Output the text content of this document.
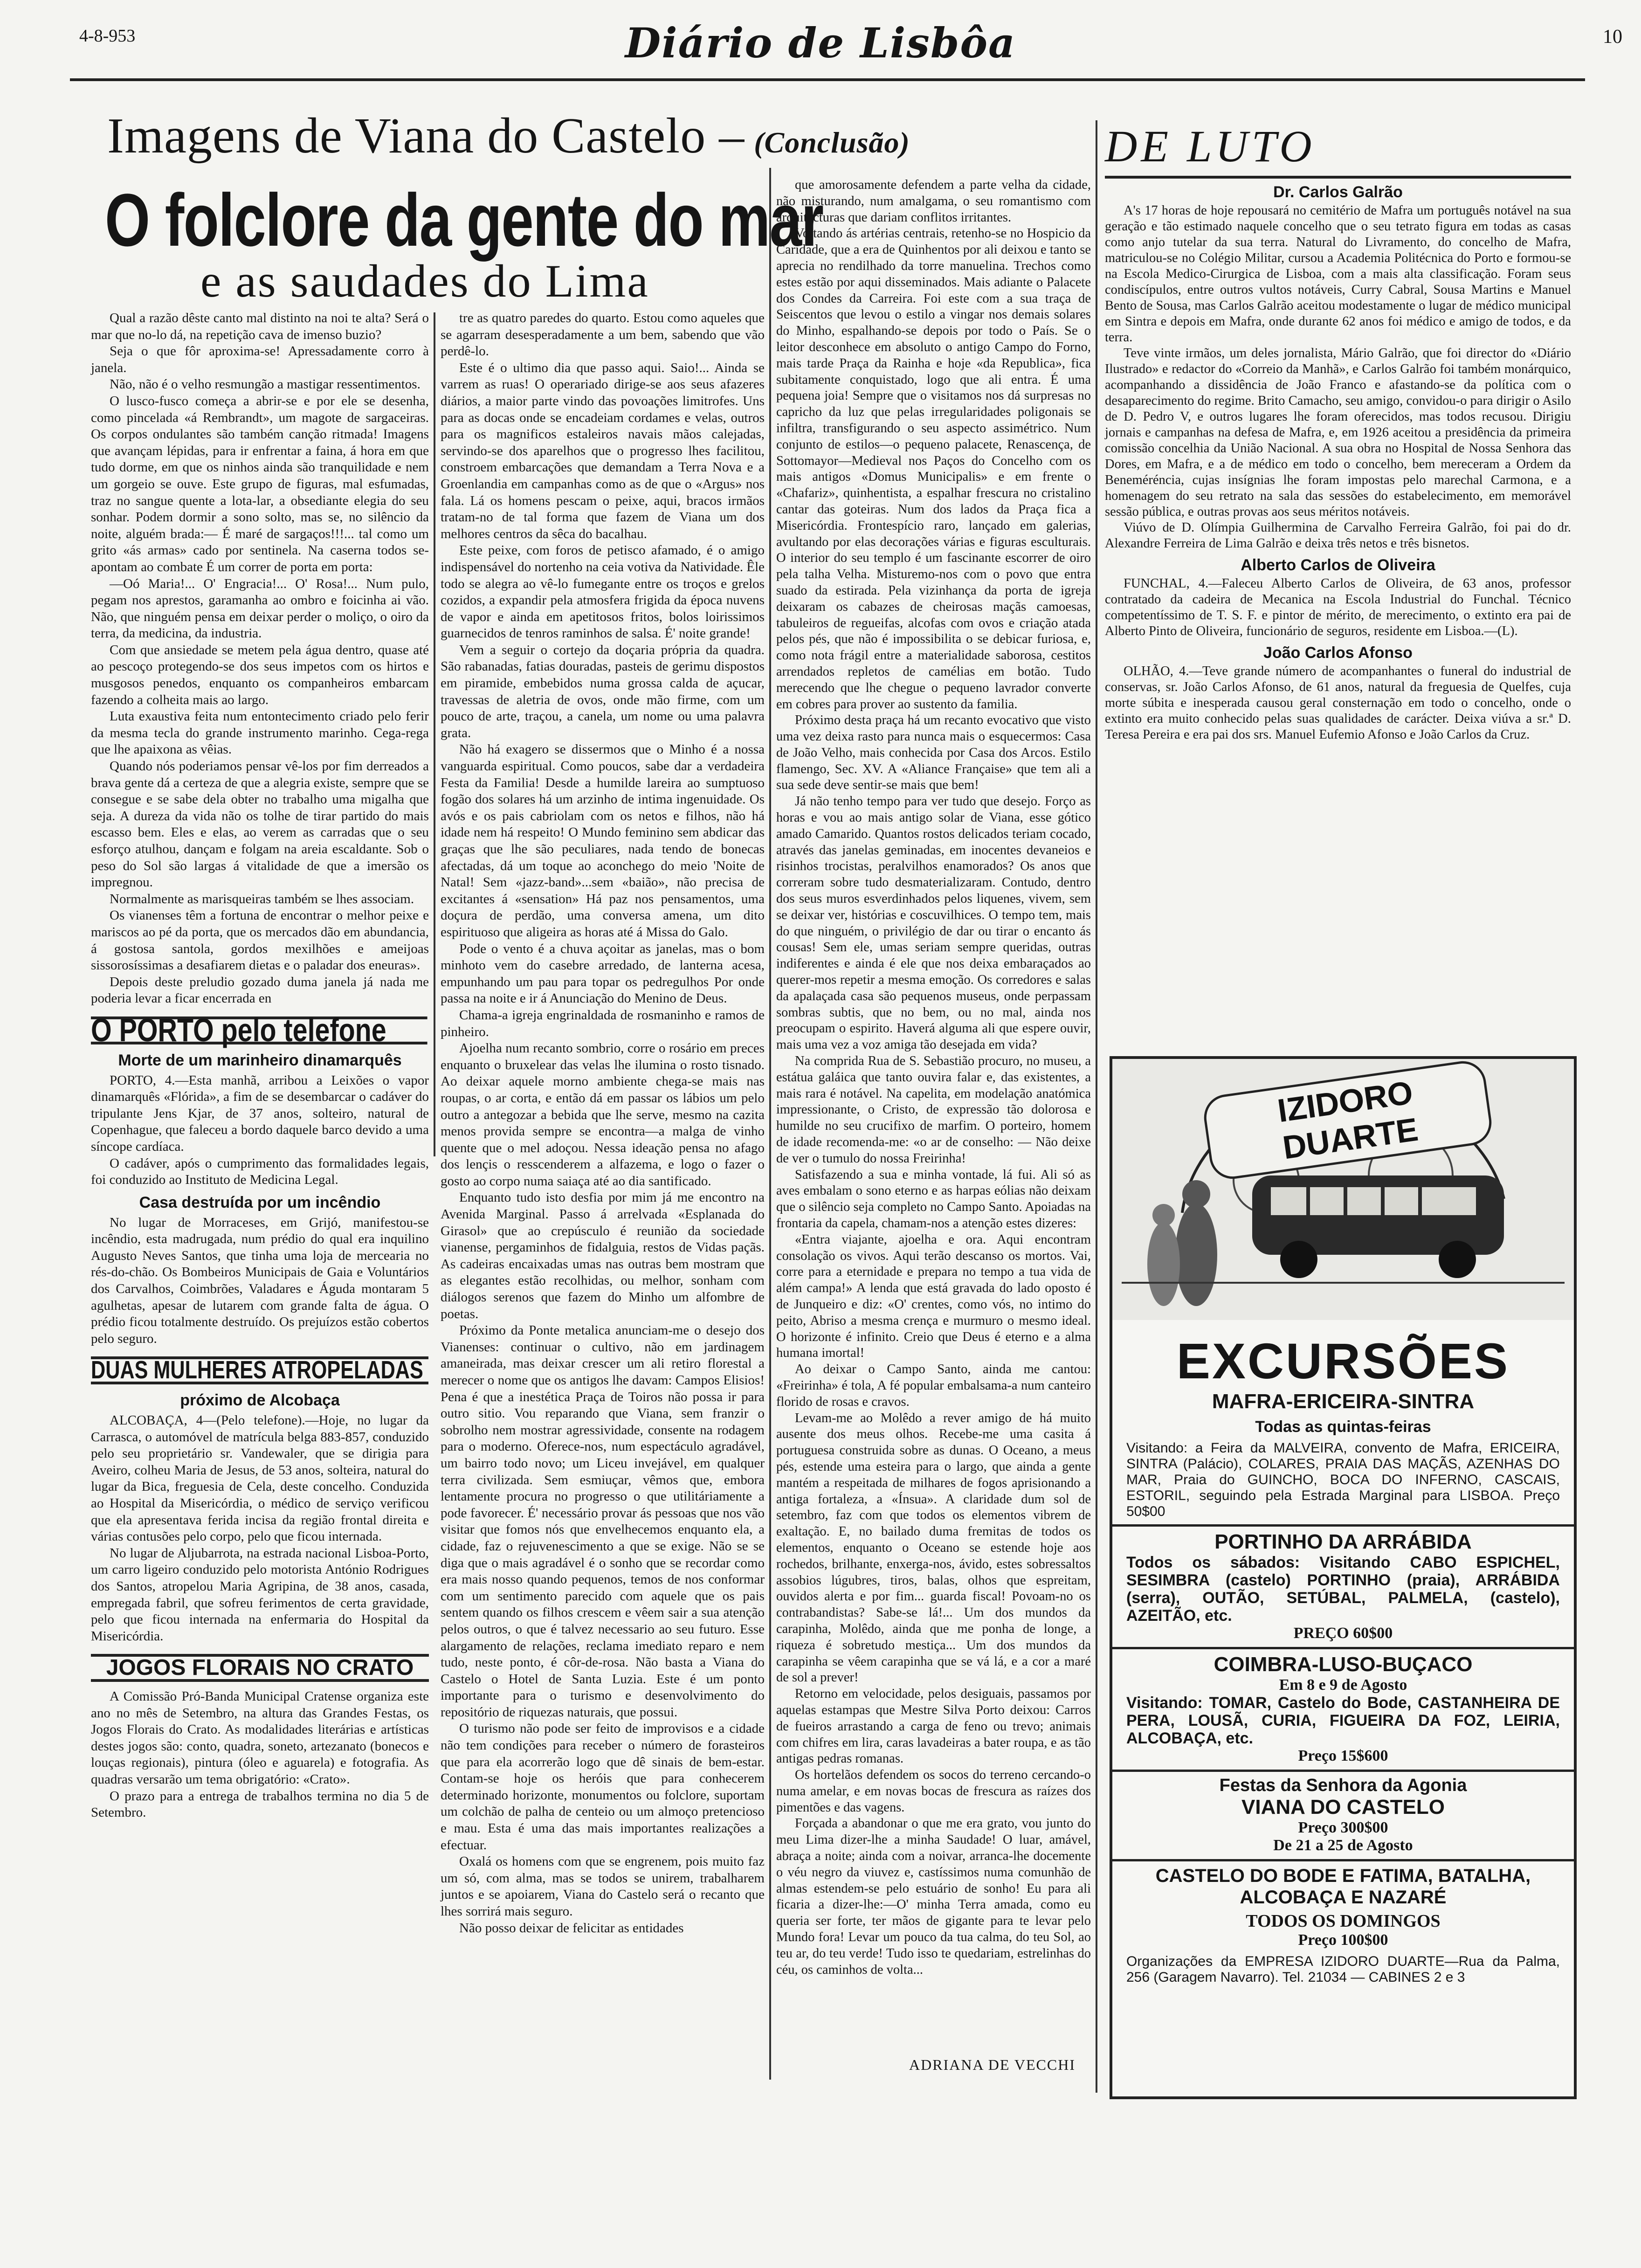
4-8-953	Diário de Lisbôa	10
Imagens de Viana do Castelo – (Conclusão)
O folclore da gente do mar
e as saudades do Lima

Qual a razão dêste canto mal distinto na noi te alta? Será o mar que no-lo dá, na repetição cava de imenso buzio?

Seja o que fôr aproxima-se! Apressadamente corro à janela.

Não, não é o velho resmungão a mastigar ressentimentos.

O lusco-fusco começa a abrir-se e por ele se desenha, como pincelada «á Rembrandt», um magote de sargaceiras. Os corpos ondulantes são também canção ritmada! Imagens que avançam lépidas, para ir enfrentar a faina, á hora em que tudo dorme, em que os ninhos ainda são tranquilidade e nem um gorgeio se ouve. Este grupo de figuras, mal esfumadas, traz no sangue quente a lota-lar, a obsediante elegia do seu sonhar. Podem dormir a sono solto, mas se, no silêncio da noite, alguém brada:— É maré de sargaços!!!... tal como um grito «ás armas» cado por sentinela. Na caserna todos se-apontam ao combate É um correr de porta em porta:

—Oó Maria!... O' Engracia!... O' Rosa!... Num pulo, pegam nos aprestos, garamanha ao ombro e foicinha ai vão. Não, que ninguém pensa em deixar perder o moliço, o oiro da terra, da medicina, da industria.

Com que ansiedade se metem pela água dentro, quase até ao pescoço protegendo-se dos seus impetos com os hirtos e musgosos penedos, enquanto os companheiros embarcam fazendo a colheita mais ao largo.

Luta exaustiva feita num entontecimento criado pelo ferir da mesma tecla do grande instrumento marinho. Cega-rega que lhe apaixona as vêias.

Quando nós poderiamos pensar vê-los por fim derreados a brava gente dá a certeza de que a alegria existe, sempre que se consegue e se sabe dela obter no trabalho uma migalha que seja. A dureza da vida não os tolhe de tirar partido do mais escasso bem. Eles e elas, ao verem as carradas que o seu esforço atulhou, dançam e folgam na areia escaldante. Sob o peso do Sol são largas á vitalidade de que a imersão os impregnou.

Normalmente as marisqueiras também se lhes associam.

Os vianenses têm a fortuna de encontrar o melhor peixe e mariscos ao pé da porta, que os mercados dão em abundancia, á gostosa santola, gordos mexilhões e ameijoas sissorosíssimas a desafiarem dietas e o paladar dos eneuras».

Depois deste preludio gozado duma janela já nada me poderia levar a ficar encerrada en

O PORTO pelo telefone
Morte de um marinheiro dinamarquês

PORTO, 4.—Esta manhã, arribou a Leixões o vapor dinamarquês «Flórida», a fim de se desembarcar o cadáver do tripulante Jens Kjar, de 37 anos, solteiro, natural de Copenhague, que faleceu a bordo daquele barco devido a uma síncope cardíaca.

O cadáver, após o cumprimento das formalidades legais, foi conduzido ao Instituto de Medicina Legal.

Casa destruída por um incêndio

No lugar de Morraceses, em Grijó, manifestou-se incêndio, esta madrugada, num prédio do qual era inquilino Augusto Neves Santos, que tinha uma loja de mercearia no rés-do-chão. Os Bombeiros Municipais de Gaia e Voluntários dos Carvalhos, Coimbrões, Valadares e Águda montaram 5 agulhetas, apesar de lutarem com grande falta de água. O prédio ficou totalmente destruído. Os prejuízos estão cobertos pelo seguro.

DUAS MULHERES ATROPELADAS
próximo de Alcobaça

ALCOBAÇA, 4—(Pelo telefone).—Hoje, no lugar da Carrasca, o automóvel de matrícula belga 883-857, conduzido pelo seu proprietário sr. Vandewaler, que se dirigia para Aveiro, colheu Maria de Jesus, de 53 anos, solteira, natural do lugar da Bica, freguesia de Cela, deste concelho. Conduzida ao Hospital da Misericórdia, o médico de serviço verificou que ela apresentava ferida incisa da região frontal direita e várias contusões pelo corpo, pelo que ficou internada.

No lugar de Aljubarrota, na estrada nacional Lisboa-Porto, um carro ligeiro conduzido pelo motorista António Rodrigues dos Santos, atropelou Maria Agripina, de 38 anos, casada, empregada fabril, que sofreu ferimentos de certa gravidade, pelo que ficou internada na enfermaria do Hospital da Misericórdia.

JOGOS FLORAIS NO CRATO

A Comissão Pró-Banda Municipal Cratense organiza este ano no mês de Setembro, na altura das Grandes Festas, os Jogos Florais do Crato. As modalidades literárias e artísticas destes jogos são: conto, quadra, soneto, artezanato (bonecos e louças regionais), pintura (óleo e aguarela) e fotografia. As quadras versarão um tema obrigatório: «Crato».

O prazo para a entrega de trabalhos termina no dia 5 de Setembro.

tre as quatro paredes do quarto. Estou como aqueles que se agarram desesperadamente a um bem, sabendo que vão perdê-lo.

Este é o ultimo dia que passo aqui. Saio!... Ainda se varrem as ruas! O operariado dirige-se aos seus afazeres diários, a maior parte vindo das povoações limitrofes. Uns para as docas onde se encadeiam cordames e velas, outros para os magnificos estaleiros navais mãos calejadas, servindo-se dos aparelhos que o progresso lhes facilitou, constroem embarcações que demandam a Terra Nova e a Groenlandia em campanhas como as de que o «Argus» nos fala. Lá os homens pescam o peixe, aqui, bracos irmãos tratam-no de tal forma que fazem de Viana um dos melhores centros da sêca do bacalhau.

Este peixe, com foros de petisco afamado, é o amigo indispensável do nortenho na ceia votiva da Natividade. Êle todo se alegra ao vê-lo fumegante entre os troços e grelos cozidos, a expandir pela atmosfera frigida da época nuvens de vapor e ainda em apetitosos fritos, bolos loirissimos guarnecidos de tenros raminhos de salsa. É' noite grande!

Vem a seguir o cortejo da doçaria própria da quadra. São rabanadas, fatias douradas, pasteis de gerimu dispostos em piramide, embebidos numa grossa calda de açucar, travessas de aletria de ovos, onde mão firme, com um pouco de arte, traçou, a canela, um nome ou uma palavra grata.

Não há exagero se dissermos que o Minho é a nossa vanguarda espiritual. Como poucos, sabe dar a verdadeira Festa da Familia! Desde a humilde lareira ao sumptuoso fogão dos solares há um arzinho de intima ingenuidade. Os avós e os pais cabriolam com os netos e filhos, não há idade nem há respeito! O Mundo feminino sem abdicar das graças que lhe são peculiares, nada tendo de bonecas afectadas, dá um toque ao aconchego do meio 'Noite de Natal! Sem «jazz-band»...sem «baião», não precisa de excitantes á «sensation» Há paz nos pensamentos, uma doçura de perdão, uma conversa amena, um dito espirituoso que aligeira as horas até á Missa do Galo.

Pode o vento é a chuva açoitar as janelas, mas o bom minhoto vem do casebre arredado, de lanterna acesa, empunhando um pau para topar os pedregulhos Por onde passa na noite e ir á Anunciação do Menino de Deus.

Chama-a igreja engrinaldada de rosmaninho e ramos de pinheiro.

Ajoelha num recanto sombrio, corre o rosário em preces enquanto o bruxelear das velas lhe ilumina o rosto tisnado. Ao deixar aquele morno ambiente chega-se mais nas roupas, o ar corta, e então dá em passar os lábios um pelo outro a antegozar a bebida que lhe serve, mesmo na cazita menos provida sempre se encontra—a malga de vinho quente que o mel adoçou. Nessa ideação pensa no afago dos lençis o resscenderem a alfazema, e logo o fazer o gosto ao corpo numa saiaça até ao dia santificado.

Enquanto tudo isto desfia por mim já me encontro na Avenida Marginal. Passo á arrelvada «Esplanada do Girasol» que ao crepúsculo é reunião da sociedade vianense, pergaminhos de fidalguia, restos de Vidas paçãs. As cadeiras encaixadas umas nas outras bem mostram que as elegantes estão recolhidas, ou melhor, sonham com diálogos serenos que fazem do Minho um alfombre de poetas.

Próximo da Ponte metalica anunciam-me o desejo dos Vianenses: continuar o cultivo, não em jardinagem amaneirada, mas deixar crescer um ali retiro florestal a merecer o nome que os antigos lhe davam: Campos Elisios! Pena é que a inestética Praça de Toiros não possa ir para outro sitio. Vou reparando que Viana, sem franzir o sobrolho nem mostrar agressividade, consente na rodagem para o moderno. Oferece-nos, num espectáculo agradável, um bairro todo novo; um Liceu invejável, em qualquer terra civilizada. Sem esmiuçar, vêmos que, embora lentamente procura no progresso o que utilitáriamente a pode favorecer. É' necessário provar ás pessoas que nos vão visitar que fomos nós que envelhecemos enquanto ela, a cidade, faz o rejuvenescimento a que se exige. Não se se diga que o mais agradável é o sonho que se recordar como era mais nosso quando pequenos, temos de nos conformar com um sentimento parecido com aquele que os pais sentem quando os filhos crescem e vêem sair a sua atenção pelos outros, o que é talvez necessario ao seu futuro. Esse alargamento de relações, reclama imediato reparo e nem tudo, neste ponto, é côr-de-rosa. Não basta a Viana do Castelo o Hotel de Santa Luzia. Este é um ponto importante para o turismo e desenvolvimento do repositório de riquezas naturais, que possui.

O turismo não pode ser feito de improvisos e a cidade não tem condições para receber o número de forasteiros que para ela acorrerão logo que dê sinais de bem-estar. Contam-se hoje os heróis que para conhecerem determinado horizonte, monumentos ou folclore, suportam um colchão de palha de centeio ou um almoço pretencioso e mau. Esta é uma das mais importantes realizações a efectuar.

Oxalá os homens com que se engrenem, pois muito faz um só, com alma, mas se todos se unirem, trabalharem juntos e se apoiarem, Viana do Castelo será o recanto que lhes sorrirá mais seguro.

Não posso deixar de felicitar as entidades

que amorosamente defendem a parte velha da cidade, não misturando, num amalgama, o seu romantismo com arquitecturas que dariam conflitos irritantes.

Voltando ás artérias centrais, retenho-se no Hospicio da Caridade, que a era de Quinhentos por ali deixou e tanto se aprecia no rendilhado da torre manuelina. Trechos como estes estão por aqui disseminados. Mais adiante o Palacete dos Condes da Carreira. Foi este com a sua traça de Seiscentos que levou o estilo a vingar nos demais solares do Minho, espalhando-se depois por todo o País. Se o leitor desconhece em absoluto o antigo Campo do Forno, mais tarde Praça da Rainha e hoje «da Republica», fica subitamente conquistado, logo que ali entra. É uma pequena joia! Sempre que o visitamos nos dá surpresas no capricho da luz que pelas irregularidades poligonais se infiltra, transfigurando o seu aspecto assimétrico. Num conjunto de estilos—o pequeno palacete, Renascença, de Sottomayor—Medieval nos Paços do Concelho com os mais antigos «Domus Municipalis» e em frente o «Chafariz», quinhentista, a espalhar frescura no cristalino cantar das goteiras. Num dos lados da Praça fica a Misericórdia. Frontespício raro, lançado em galerias, avultando por elas decorações várias e figuras esculturais. O interior do seu templo é um fascinante escorrer de oiro pela talha Velha. Misturemo-nos com o povo que entra suado da estirada. Pela vizinhança da porta de igreja deixaram os cabazes de cheirosas maçãs camoesas, tabuleiros de regueifas, alcofas com ovos e criação atada pelos pés, que não é impossibilita o se debicar furiosa, e, como nota frágil entre a materialidade saborosa, cestitos arrendados repletos de camélias em botão. Tudo merecendo que lhe chegue o pequeno lavrador converte em cobres para prover ao sustento da familia.

Próximo desta praça há um recanto evocativo que visto uma vez deixa rasto para nunca mais o esquecermos: Casa de João Velho, mais conhecida por Casa dos Arcos. Estilo flamengo, Sec. XV. A «Aliance Française» que tem ali a sua sede deve sentir-se mais que bem!

Já não tenho tempo para ver tudo que desejo. Forço as horas e vou ao mais antigo solar de Viana, esse gótico amado Camarido. Quantos rostos delicados teriam cocado, através das janelas geminadas, em inocentes devaneios e risinhos trocistas, peralvilhos enamorados? Os anos que correram sobre tudo desmaterializaram. Contudo, dentro dos seus muros esverdinhados pelos liquenes, vivem, sem se deixar ver, histórias e coscuvilhices. O tempo tem, mais do que ninguém, o privilégio de dar ou tirar o encanto ás cousas! Sem ele, umas seriam sempre queridas, outras indiferentes e ainda é ele que nos deixa embaraçados ao querer-mos repetir a mesma emoção. Os corredores e salas da apalaçada casa são pequenos museus, onde perpassam sombras subtis, que no bem, ou no mal, ainda nos preocupam o espirito. Haverá alguma ali que espere ouvir, mais uma vez a voz amiga tão desejada em vida?

Na comprida Rua de S. Sebastião procuro, no museu, a estátua galáica que tanto ouvira falar e, das existentes, a mais rara é notável. Na capelita, em modelação anatómica impressionante, o Cristo, de expressão tão dolorosa e humilde no seu crucifixo de marfim. O porteiro, homem de idade recomenda-me: «o ar de conselho: — Não deixe de ver o tumulo do nossa Freirinha!

Satisfazendo a sua e minha vontade, lá fui. Ali só as aves embalam o sono eterno e as harpas eólias não deixam que o silêncio seja completo no Campo Santo. Apoiadas na frontaria da capela, chamam-nos a atenção estes dizeres:

«Entra viajante, ajoelha e ora. Aqui encontram consolação os vivos. Aqui terão descanso os mortos. Vai, corre para a eternidade e prepara no tempo a tua vida de além campa!» A lenda que está gravada do lado oposto é de Junqueiro e diz: «O' crentes, como vós, no intimo do peito, Abriso a mesma crença e murmuro o mesmo ideal. O horizonte é infinito. Creio que Deus é eterno e a alma humana imortal!

Ao deixar o Campo Santo, ainda me cantou: «Freirinha» é tola, A fé popular embalsama-a num canteiro florido de rosas e cravos.

Levam-me ao Molêdo a rever amigo de há muito ausente dos meus olhos. Recebe-me uma casita á portuguesa construida sobre as dunas. O Oceano, a meus pés, estende uma esteira para o largo, que ainda a gente mantém a respeitada de milhares de fogos aprisionando a antiga fortaleza, a «Ínsua». A claridade dum sol de setembro, faz com que todos os elementos vibrem de exaltação. E, no bailado duma fremitas de todos os elementos, enquanto o Oceano se estende hoje aos rochedos, brilhante, enxerga-nos, ávido, estes sobressaltos assobios lúgubres, tiros, balas, olhos que espreitam, ouvidos alerta e por fim... guarda fiscal! Povoam-no os contrabandistas? Sabe-se lá!... Um dos mundos da carapinha, Molêdo, ainda que me ponha de longe, a riqueza é sobretudo mestiça... Um dos mundos da carapinha se vêem carapinha que se vá lá, e a cor a maré de sol a prever!

Retorno em velocidade, pelos desiguais, passamos por aquelas estampas que Mestre Silva Porto deixou: Carros de fueiros arrastando a carga de feno ou trevo; animais com chifres em lira, caras lavadeiras a bater roupa, e as tão antigas pedras romanas.

Os hortelãos defendem os socos do terreno cercando-o numa amelar, e em novas bocas de frescura as raízes dos pimentões e das vagens.

Forçada a abandonar o que me era grato, vou junto do meu Lima dizer-lhe a minha Saudade! O luar, amável, abraça a noite; ainda com a noivar, arranca-lhe docemente o véu negro da viuvez e, castíssimos numa comunhão de almas estendem-se pelo estuário de sonho! Eu para ali ficaria a dizer-lhe:—O' minha Terra amada, como eu queria ser forte, ter mãos de gigante para te levar pelo Mundo fora! Levar um pouco da tua calma, do teu Sol, ao teu ar, do teu verde! Tudo isso te quedariam, estrelinhas do céu, os caminhos de volta...

ADRIANA DE VECCHI
DE LUTO
Dr. Carlos Galrão

A's 17 horas de hoje repousará no cemitério de Mafra um português notável na sua geração e tão estimado naquele concelho que o seu tetrato figura em todas as casas como anjo tutelar da sua terra. Natural do Livramento, do concelho de Mafra, matriculou-se no Colégio Militar, cursou a Academia Politécnica do Porto e formou-se na Escola Medico-Cirurgica de Lisboa, com a mais alta classificação. Foram seus condiscípulos, entre outros vultos notáveis, Curry Cabral, Sousa Martins e Manuel Bento de Sousa, mas Carlos Galrão aceitou modestamente o lugar de médico municipal em Sintra e depois em Mafra, onde durante 62 anos foi médico e amigo de todos, e da terra.

Teve vinte irmãos, um deles jornalista, Mário Galrão, que foi director do «Diário Ilustrado» e redactor do «Correio da Manhã», e Carlos Galrão foi também monárquico, acompanhando a dissidência de João Franco e afastando-se da política com o desaparecimento do regime. Brito Camacho, seu amigo, convidou-o para dirigir o Asilo de D. Pedro V, e outros lugares lhe foram oferecidos, mas todos recusou. Dirigiu jornais e campanhas na defesa de Mafra, e, em 1926 aceitou a presidência da primeira comissão concelhia da União Nacional. A sua obra no Hospital de Nossa Senhora das Dores, em Mafra, e a de médico em todo o concelho, bem mereceram a Ordem da Beneméréncia, cujas insígnias lhe foram impostas pelo marechal Carmona, e a homenagem do seu retrato na sala das sessões do estabelecimento, em memorável sessão pública, e outras provas aos seus méritos notáveis.

Viúvo de D. Olímpia Guilhermina de Carvalho Ferreira Galrão, foi pai do dr. Alexandre Ferreira de Lima Galrão e deixa três netos e três bisnetos.

Alberto Carlos de Oliveira

FUNCHAL, 4.—Faleceu Alberto Carlos de Oliveira, de 63 anos, professor contratado da cadeira de Mecanica na Escola Industrial do Funchal. Técnico competentíssimo de T. S. F. e pintor de mérito, de merecimento, o extinto era pai de Alberto Pinto de Oliveira, funcionário de seguros, residente em Lisboa.—(L).

João Carlos Afonso

OLHÃO, 4.—Teve grande número de acompanhantes o funeral do industrial de conservas, sr. João Carlos Afonso, de 61 anos, natural da freguesia de Quelfes, cuja morte súbita e inesperada causou geral consternação em todo o concelho, onde o extinto era muito conhecido pelas suas qualidades de carácter. Deixa viúva a sr.ª D. Teresa Pereira e era pai dos srs. Manuel Eufemio Afonso e João Carlos da Cruz.

IZIDORO DUARTE
EXCURSÕES
MAFRA-ERICEIRA-SINTRA
Todas as quintas-feiras
Visitando: a Feira da MALVEIRA, convento de Mafra, ERICEIRA, SINTRA (Palácio), COLARES, PRAIA DAS MAÇÃS, AZENHAS DO MAR, Praia do GUINCHO, BOCA DO INFERNO, CASCAIS, ESTORIL, seguindo pela Estrada Marginal para LISBOA. Preço 50$00
PORTINHO DA ARRÁBIDA
Todos os sábados: Visitando CABO ESPICHEL, SESIMBRA (castelo) PORTINHO (praia), ARRÁBIDA (serra), OUTÃO, SETÚBAL, PALMELA, (castelo), AZEITÃO, etc.
PREÇO 60$00
COIMBRA-LUSO-BUÇACO
Em 8 e 9 de Agosto
Visitando: TOMAR, Castelo do Bode, CASTANHEIRA DE PERA, LOUSÃ, CURIA, FIGUEIRA DA FOZ, LEIRIA, ALCOBAÇA, etc.
Preço 15$600
Festas da Senhora da Agonia
VIANA DO CASTELO
Preço 300$00
De 21 a 25 de Agosto
CASTELO DO BODE E FATIMA, BATALHA, ALCOBAÇA E NAZARÉ
TODOS OS DOMINGOS
Preço 100$00
Organizações da EMPRESA IZIDORO DUARTE—Rua da Palma, 256 (Garagem Navarro). Tel. 21034 — CABINES 2 e 3
